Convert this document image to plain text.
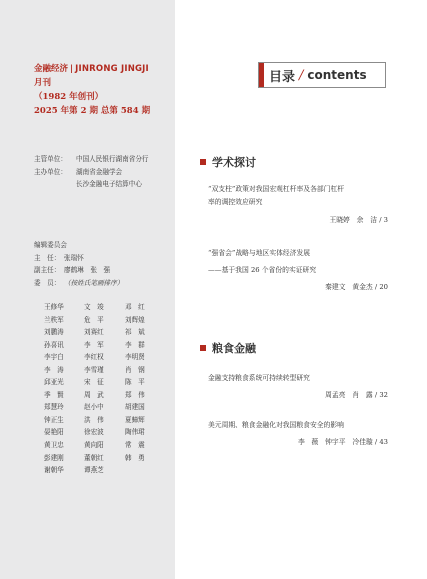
金融经济 | JINRONG JINGJI
月刊
（1982 年创刊）
2025 年第 2 期 总第 584 期
主管单位：	中国人民银行湖南省分行
主办单位：	湖南省金融学会
长沙金融电子结算中心
编辑委员会
主　任： 张瑞怀
副主任： 廖鹤琳　张　强
委　员： （按姓氏笔画排序）
王修华	文　竣	邓　红
兰秩军	危　平	刘辉煌
刘鹏涛	刘赛红	祁　斌
孙喜讯	李　军	李　群
李宇白	李红权	李明贤
李　涛	李雪瑾	肖　钢
邱亚光	宋　征	陈　平
季　賢	周　武	郑　伟
郑慧玲	赵小中	胡建国
钟正生	洪　伟	夏蟑辉
晏艳阳	徐宏波	陶伟珺
黄卫忠	黄向阳	常　震
彭建刚	董朝红	韩　勇
谢朝华	谭燕芝
目录 / contents
学术探讨
“双支柱”政策对我国宏观杠杆率及各部门杠杆
率的调控效应研究
王晓婷　余　洁 / 3
“强省会”战略与地区实体经济发展
——基于我国 26 个省份的实证研究
秦建文　黄金杰 / 20
粮食金融
金融支持粮食系统可持续转型研究
周孟亮　肖　露 / 32
美元周期、粮食金融化对我国粮食安全的影响
李　薇　钟宇平　冷佳璇 / 43
